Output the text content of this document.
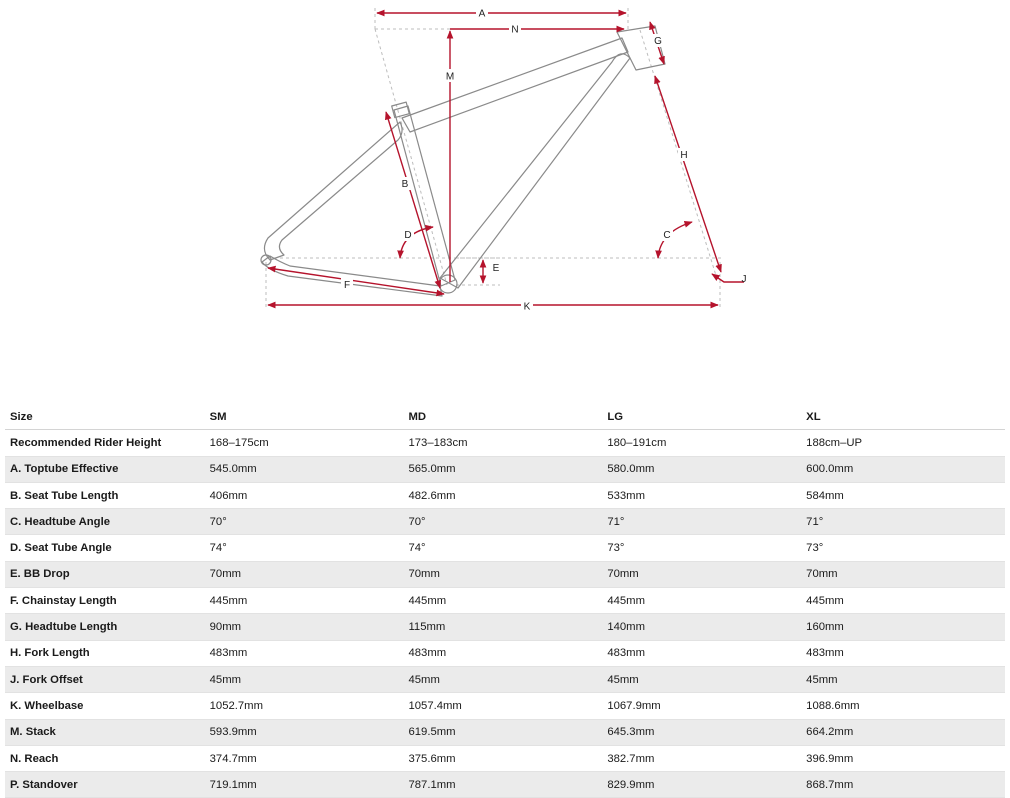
A
N
G
M
H
B
D	C
E
F
K
J
Size	SM	MD	LG	XL
Recommended Rider Height	168–175cm	173–183cm	180–191cm	188cm–UP
A. Toptube Effective	545.0mm	565.0mm	580.0mm	600.0mm
B. Seat Tube Length	406mm	482.6mm	533mm	584mm
C. Headtube Angle	70°	70°	71°	71°
D. Seat Tube Angle	74°	74°	73°	73°
E. BB Drop	70mm	70mm	70mm	70mm
F. Chainstay Length	445mm	445mm	445mm	445mm
G. Headtube Length	90mm	115mm	140mm	160mm
H. Fork Length	483mm	483mm	483mm	483mm
J. Fork Offset	45mm	45mm	45mm	45mm
K. Wheelbase	1052.7mm	1057.4mm	1067.9mm	1088.6mm
M. Stack	593.9mm	619.5mm	645.3mm	664.2mm
N. Reach	374.7mm	375.6mm	382.7mm	396.9mm
P. Standover	719.1mm	787.1mm	829.9mm	868.7mm
